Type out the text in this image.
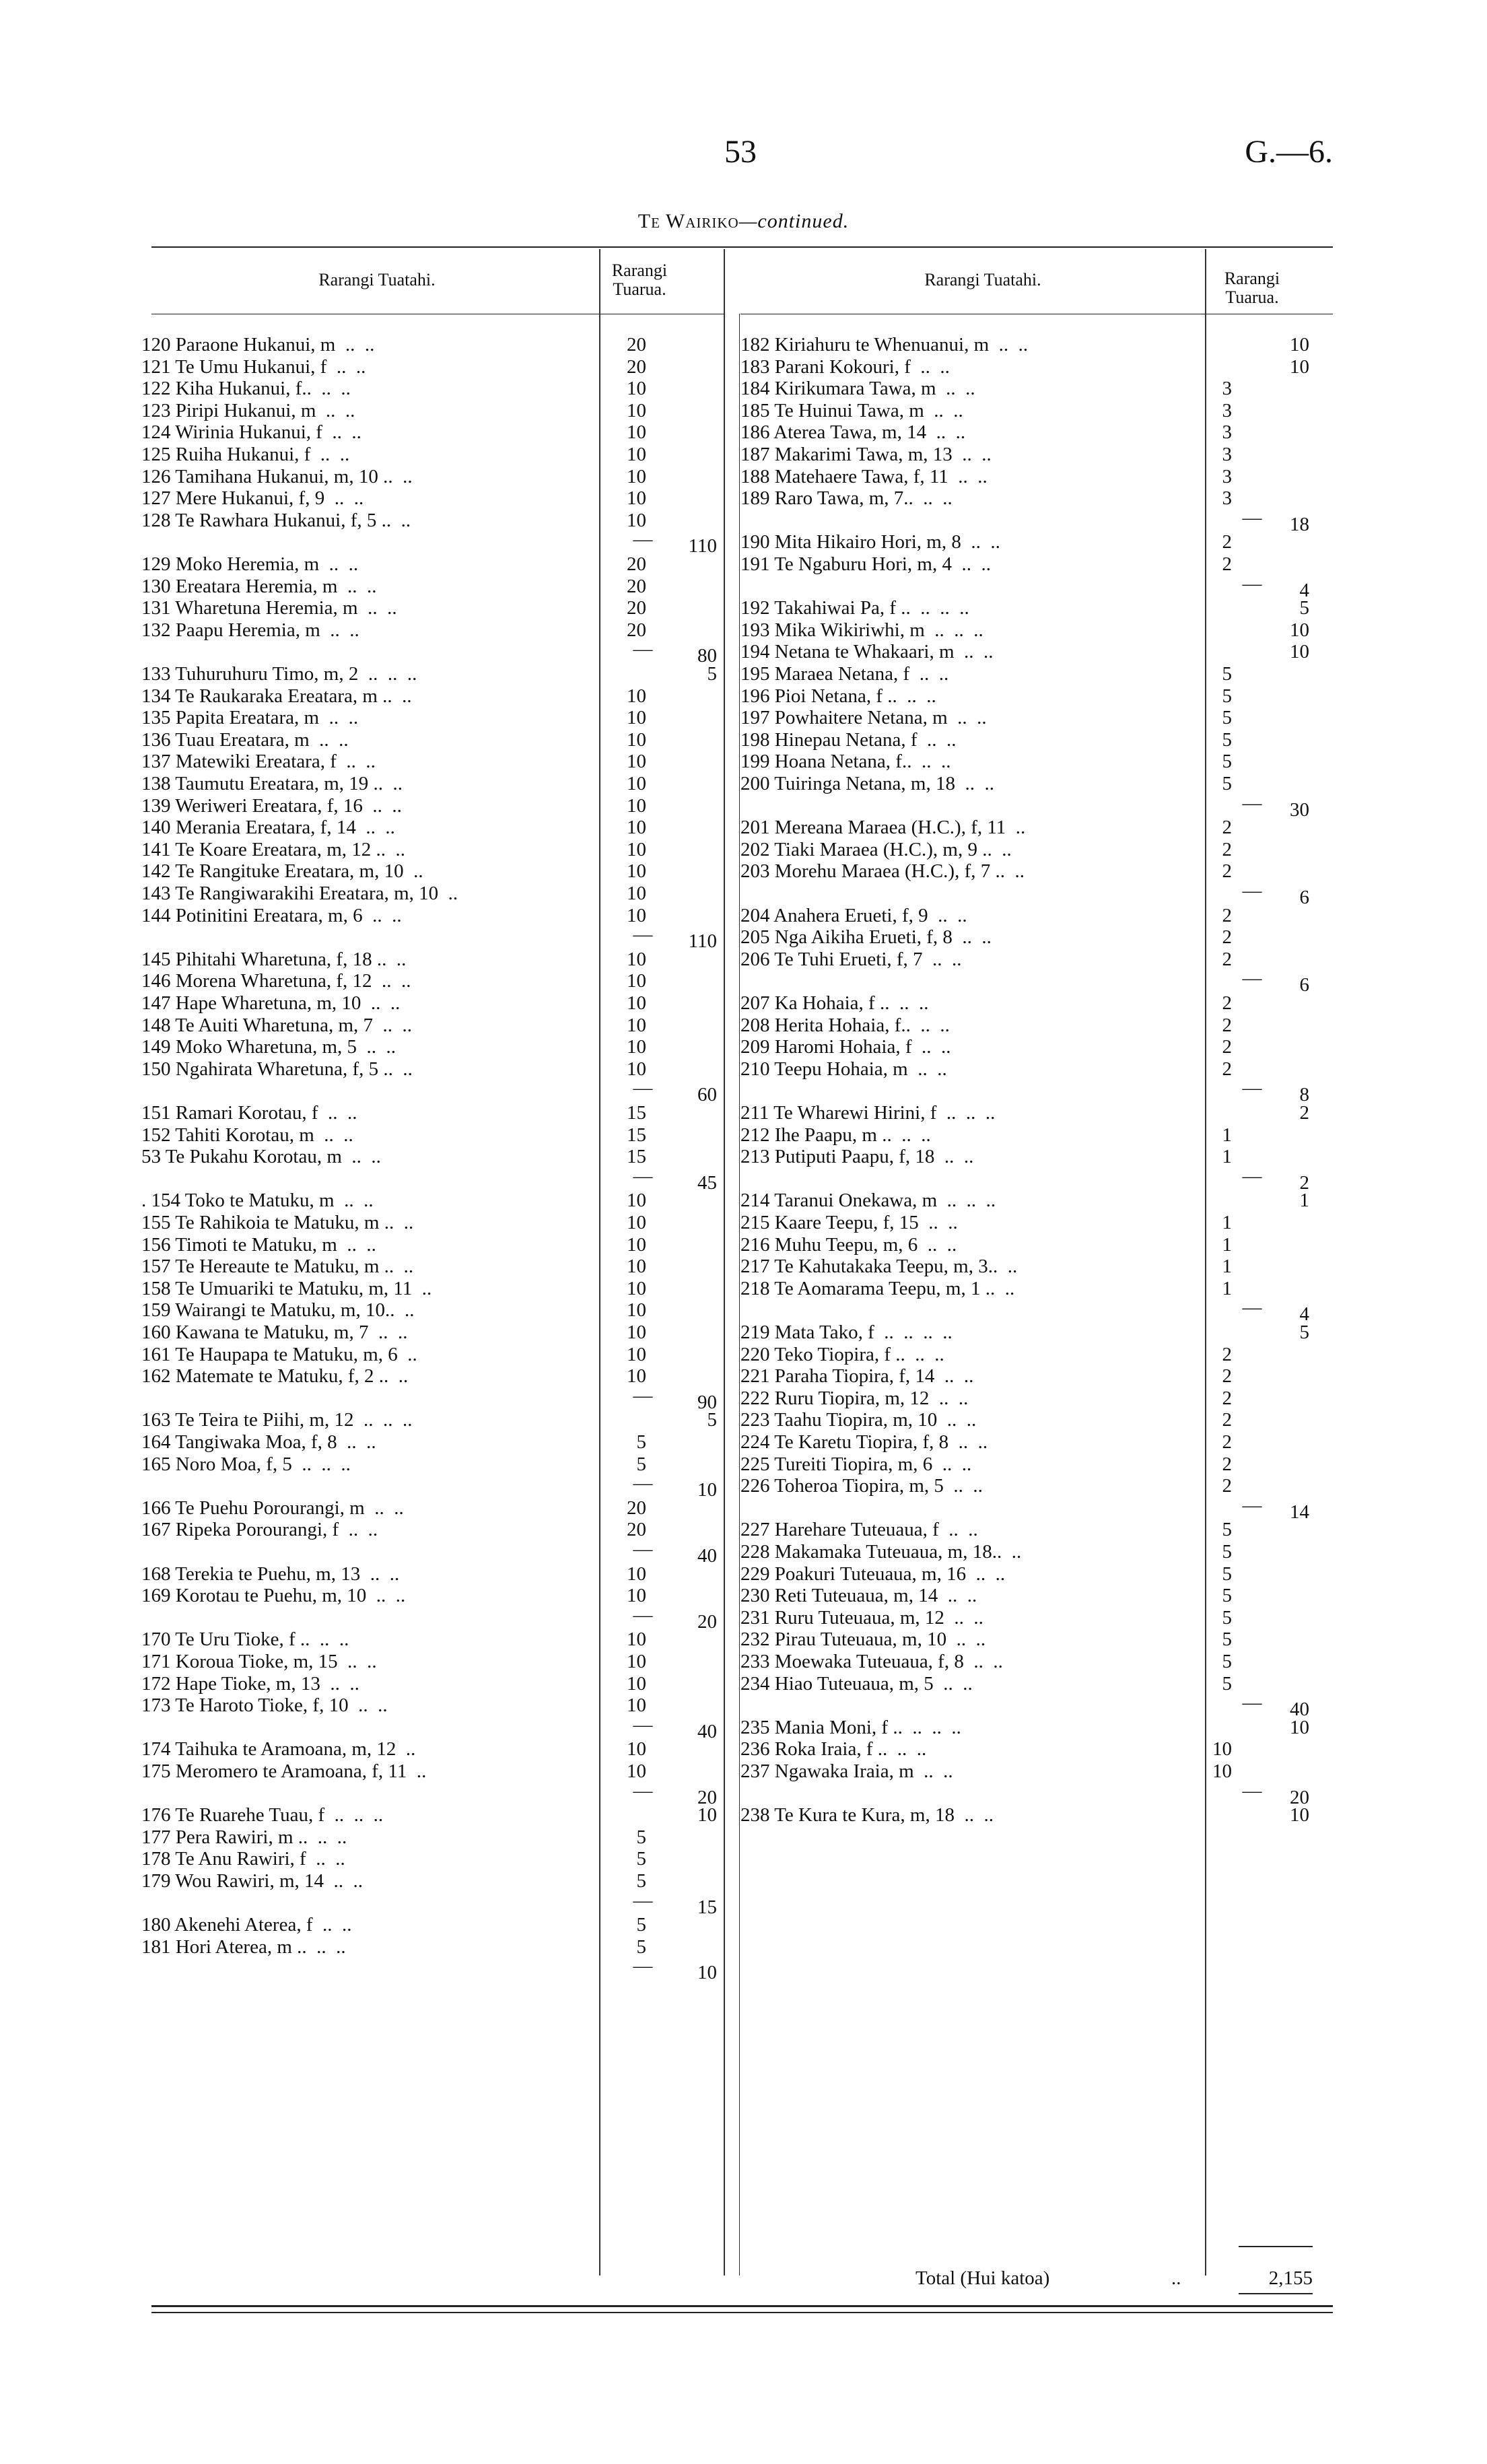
53	G.—6.
Te Wairiko—continued.
Rarangi Tuatahi.	Rarangi Tuarua.	Rarangi Tuatahi.	Rarangi Tuarua.
Total (Hui katoa)	..	2,155
120 Paraone Hukanui, m  ..  ..	20
121 Te Umu Hukanui, f  ..  ..	20
122 Kiha Hukanui, f..  ..  ..	10
123 Piripi Hukanui, m  ..  ..	10
124 Wirinia Hukanui, f  ..  ..	10
125 Ruiha Hukanui, f  ..  ..	10
126 Tamihana Hukanui, m, 10 ..  ..	10
127 Mere Hukanui, f, 9  ..  ..	10
128 Te Rawhara Hukanui, f, 5 ..  ..	10
—	110
129 Moko Heremia, m  ..  ..	20
130 Ereatara Heremia, m  ..  ..	20
131 Wharetuna Heremia, m  ..  ..	20
132 Paapu Heremia, m  ..  ..	20
—	80
133 Tuhuruhuru Timo, m, 2  ..  ..  ..	5
134 Te Raukaraka Ereatara, m ..  ..	10
135 Papita Ereatara, m  ..  ..	10
136 Tuau Ereatara, m  ..  ..	10
137 Matewiki Ereatara, f  ..  ..	10
138 Taumutu Ereatara, m, 19 ..  ..	10
139 Weriweri Ereatara, f, 16  ..  ..	10
140 Merania Ereatara, f, 14  ..  ..	10
141 Te Koare Ereatara, m, 12 ..  ..	10
142 Te Rangituke Ereatara, m, 10  ..	10
143 Te Rangiwarakihi Ereatara, m, 10  ..	10
144 Potinitini Ereatara, m, 6  ..  ..	10
—	110
145 Pihitahi Wharetuna, f, 18 ..  ..	10
146 Morena Wharetuna, f, 12  ..  ..	10
147 Hape Wharetuna, m, 10  ..  ..	10
148 Te Auiti Wharetuna, m, 7  ..  ..	10
149 Moko Wharetuna, m, 5  ..  ..	10
150 Ngahirata Wharetuna, f, 5 ..  ..	10
—	60
151 Ramari Korotau, f  ..  ..	15
152 Tahiti Korotau, m  ..  ..	15
53 Te Pukahu Korotau, m  ..  ..	15
—	45
. 154 Toko te Matuku, m  ..  ..	10
155 Te Rahikoia te Matuku, m ..  ..	10
156 Timoti te Matuku, m  ..  ..	10
157 Te Hereaute te Matuku, m ..  ..	10
158 Te Umuariki te Matuku, m, 11  ..	10
159 Wairangi te Matuku, m, 10..  ..	10
160 Kawana te Matuku, m, 7  ..  ..	10
161 Te Haupapa te Matuku, m, 6  ..	10
162 Matemate te Matuku, f, 2 ..  ..	10
—	90
163 Te Teira te Piihi, m, 12  ..  ..  ..	5
164 Tangiwaka Moa, f, 8  ..  ..	5
165 Noro Moa, f, 5  ..  ..  ..	5
—	10
166 Te Puehu Porourangi, m  ..  ..	20
167 Ripeka Porourangi, f  ..  ..	20
—	40
168 Terekia te Puehu, m, 13  ..  ..	10
169 Korotau te Puehu, m, 10  ..  ..	10
—	20
170 Te Uru Tioke, f ..  ..  ..	10
171 Koroua Tioke, m, 15  ..  ..	10
172 Hape Tioke, m, 13  ..  ..	10
173 Te Haroto Tioke, f, 10  ..  ..	10
—	40
174 Taihuka te Aramoana, m, 12  ..	10
175 Meromero te Aramoana, f, 11  ..	10
—	20
176 Te Ruarehe Tuau, f  ..  ..  ..	10
177 Pera Rawiri, m ..  ..  ..	5
178 Te Anu Rawiri, f  ..  ..	5
179 Wou Rawiri, m, 14  ..  ..	5
—	15
180 Akenehi Aterea, f  ..  ..	5
181 Hori Aterea, m ..  ..  ..	5
—	10
182 Kiriahuru te Whenuanui, m  ..  ..	10
183 Parani Kokouri, f  ..  ..	10
184 Kirikumara Tawa, m  ..  ..	3
185 Te Huinui Tawa, m  ..  ..	3
186 Aterea Tawa, m, 14  ..  ..	3
187 Makarimi Tawa, m, 13  ..  ..	3
188 Matehaere Tawa, f, 11  ..  ..	3
189 Raro Tawa, m, 7..  ..  ..	3
—	18
190 Mita Hikairo Hori, m, 8  ..  ..	2
191 Te Ngaburu Hori, m, 4  ..  ..	2
—	4
192 Takahiwai Pa, f ..  ..  ..  ..	5
193 Mika Wikiriwhi, m  ..  ..  ..	10
194 Netana te Whakaari, m  ..  ..	10
195 Maraea Netana, f  ..  ..	5
196 Pioi Netana, f ..  ..  ..	5
197 Powhaitere Netana, m  ..  ..	5
198 Hinepau Netana, f  ..  ..	5
199 Hoana Netana, f..  ..  ..	5
200 Tuiringa Netana, m, 18  ..  ..	5
—	30
201 Mereana Maraea (H.C.), f, 11  ..	2
202 Tiaki Maraea (H.C.), m, 9 ..  ..	2
203 Morehu Maraea (H.C.), f, 7 ..  ..	2
—	6
204 Anahera Erueti, f, 9  ..  ..	2
205 Nga Aikiha Erueti, f, 8  ..  ..	2
206 Te Tuhi Erueti, f, 7  ..  ..	2
—	6
207 Ka Hohaia, f ..  ..  ..	2
208 Herita Hohaia, f..  ..  ..	2
209 Haromi Hohaia, f  ..  ..	2
210 Teepu Hohaia, m  ..  ..	2
—	8
211 Te Wharewi Hirini, f  ..  ..  ..	2
212 Ihe Paapu, m ..  ..  ..	1
213 Putiputi Paapu, f, 18  ..  ..	1
—	2
214 Taranui Onekawa, m  ..  ..  ..	1
215 Kaare Teepu, f, 15  ..  ..	1
216 Muhu Teepu, m, 6  ..  ..	1
217 Te Kahutakaka Teepu, m, 3..  ..	1
218 Te Aomarama Teepu, m, 1 ..  ..	1
—	4
219 Mata Tako, f  ..  ..  ..  ..	5
220 Teko Tiopira, f ..  ..  ..	2
221 Paraha Tiopira, f, 14  ..  ..	2
222 Ruru Tiopira, m, 12  ..  ..	2
223 Taahu Tiopira, m, 10  ..  ..	2
224 Te Karetu Tiopira, f, 8  ..  ..	2
225 Tureiti Tiopira, m, 6  ..  ..	2
226 Toheroa Tiopira, m, 5  ..  ..	2
—	14
227 Harehare Tuteuaua, f  ..  ..	5
228 Makamaka Tuteuaua, m, 18..  ..	5
229 Poakuri Tuteuaua, m, 16  ..  ..	5
230 Reti Tuteuaua, m, 14  ..  ..	5
231 Ruru Tuteuaua, m, 12  ..  ..	5
232 Pirau Tuteuaua, m, 10  ..  ..	5
233 Moewaka Tuteuaua, f, 8  ..  ..	5
234 Hiao Tuteuaua, m, 5  ..  ..	5
—	40
235 Mania Moni, f ..  ..  ..  ..	10
236 Roka Iraia, f ..  ..  ..	10
237 Ngawaka Iraia, m  ..  ..	10
—	20
238 Te Kura te Kura, m, 18  ..  ..	10
